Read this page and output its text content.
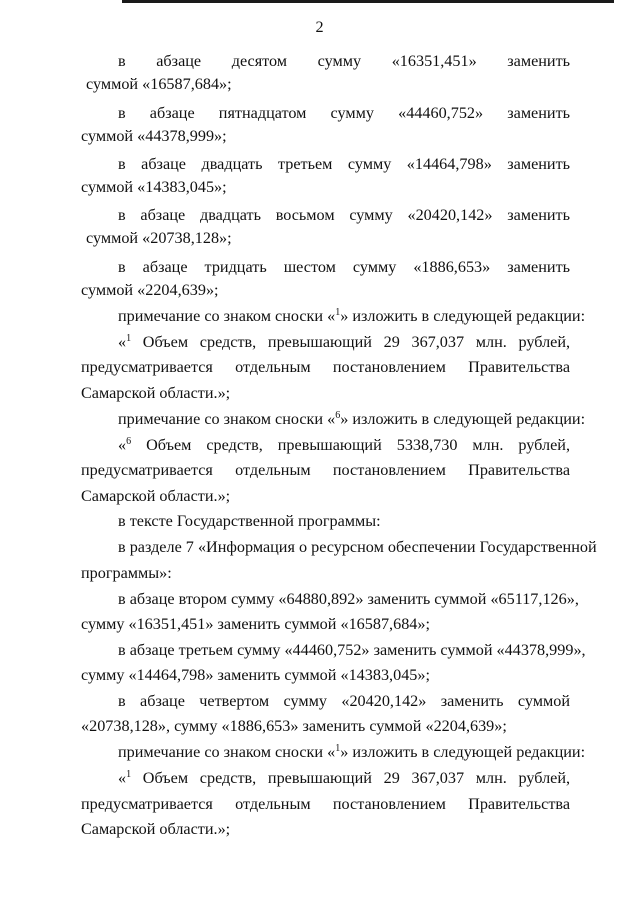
2
в абзаце десятом сумму «16351,451» заменить
суммой «16587,684»;
в абзаце пятнадцатом сумму «44460,752» заменить
суммой «44378,999»;
в абзаце двадцать третьем сумму «14464,798» заменить
суммой «14383,045»;
в абзаце двадцать восьмом сумму «20420,142» заменить
суммой «20738,128»;
в абзаце тридцать шестом сумму «1886,653» заменить
суммой «2204,639»;
примечание со знаком сноски «$^1$» изложить в следующей редакции:
«$^1$ Объем средств, превышающий 29 367,037 млн. рублей,
предусматривается отдельным постановлением Правительства
Самарской области.»;
примечание со знаком сноски «$^6$» изложить в следующей редакции:
«$^6$ Объем средств, превышающий 5338,730 млн. рублей,
предусматривается отдельным постановлением Правительства
Самарской области.»;
в тексте Государственной программы:
в разделе 7 «Информация о ресурсном обеспечении Государственной
программы»:
в абзаце втором сумму «64880,892» заменить суммой «65117,126»,
сумму «16351,451» заменить суммой «16587,684»;
в абзаце третьем сумму «44460,752» заменить суммой «44378,999»,
сумму «14464,798» заменить суммой «14383,045»;
в абзаце четвертом сумму «20420,142» заменить суммой
«20738,128», сумму «1886,653» заменить суммой «2204,639»;
примечание со знаком сноски «$^1$» изложить в следующей редакции:
«$^1$ Объем средств, превышающий 29 367,037 млн. рублей,
предусматривается отдельным постановлением Правительства
Самарской области.»;
